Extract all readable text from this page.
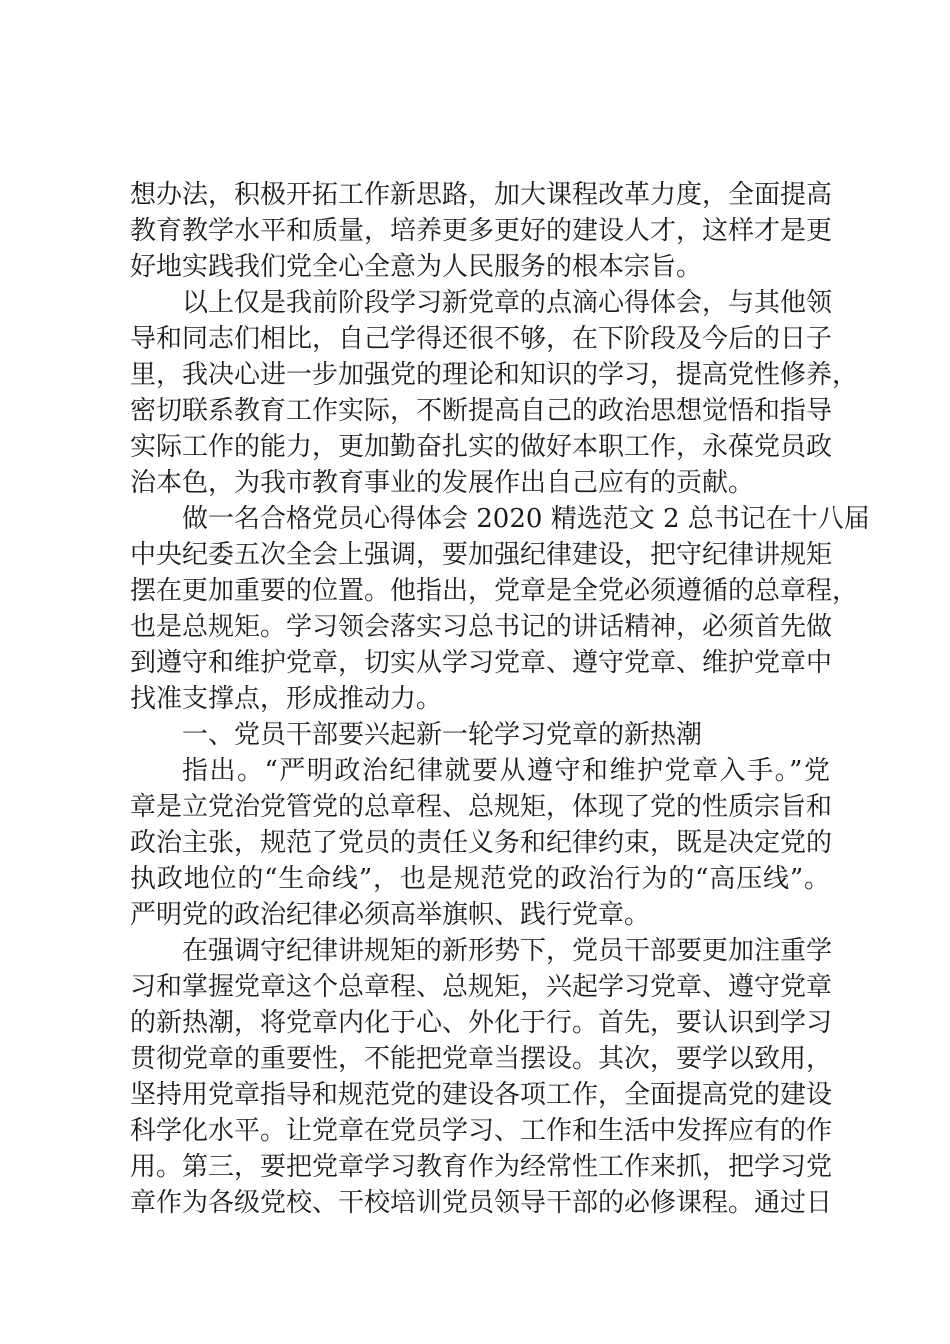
想办法，积极开拓工作新思路，加大课程改革力度，全面提高
教育教学水平和质量，培养更多更好的建设人才，这样才是更
好地实践我们党全心全意为人民服务的根本宗旨。
以上仅是我前阶段学习新党章的点滴心得体会，与其他领
导和同志们相比，自己学得还很不够，在下阶段及今后的日子
里，我决心进一步加强党的理论和知识的学习，提高党性修养，
密切联系教育工作实际，不断提高自己的政治思想觉悟和指导
实际工作的能力，更加勤奋扎实的做好本职工作，永葆党员政
治本色，为我市教育事业的发展作出自己应有的贡献。
做一名合格党员心得体会 2020 精选范文 2 总书记在十八届
中央纪委五次全会上强调，要加强纪律建设，把守纪律讲规矩
摆在更加重要的位置。他指出，党章是全党必须遵循的总章程，
也是总规矩。学习领会落实习总书记的讲话精神，必须首先做
到遵守和维护党章，切实从学习党章、遵守党章、维护党章中
找准支撑点，形成推动力。
一、党员干部要兴起新一轮学习党章的新热潮
指出。“严明政治纪律就要从遵守和维护党章入手。”党
章是立党治党管党的总章程、总规矩，体现了党的性质宗旨和
政治主张，规范了党员的责任义务和纪律约束，既是决定党的
执政地位的“生命线”，也是规范党的政治行为的“高压线”。
严明党的政治纪律必须高举旗帜、践行党章。
在强调守纪律讲规矩的新形势下，党员干部要更加注重学
习和掌握党章这个总章程、总规矩，兴起学习党章、遵守党章
的新热潮，将党章内化于心、外化于行。首先，要认识到学习
贯彻党章的重要性，不能把党章当摆设。其次，要学以致用，
坚持用党章指导和规范党的建设各项工作，全面提高党的建设
科学化水平。让党章在党员学习、工作和生活中发挥应有的作
用。第三，要把党章学习教育作为经常性工作来抓，把学习党
章作为各级党校、干校培训党员领导干部的必修课程。通过日
